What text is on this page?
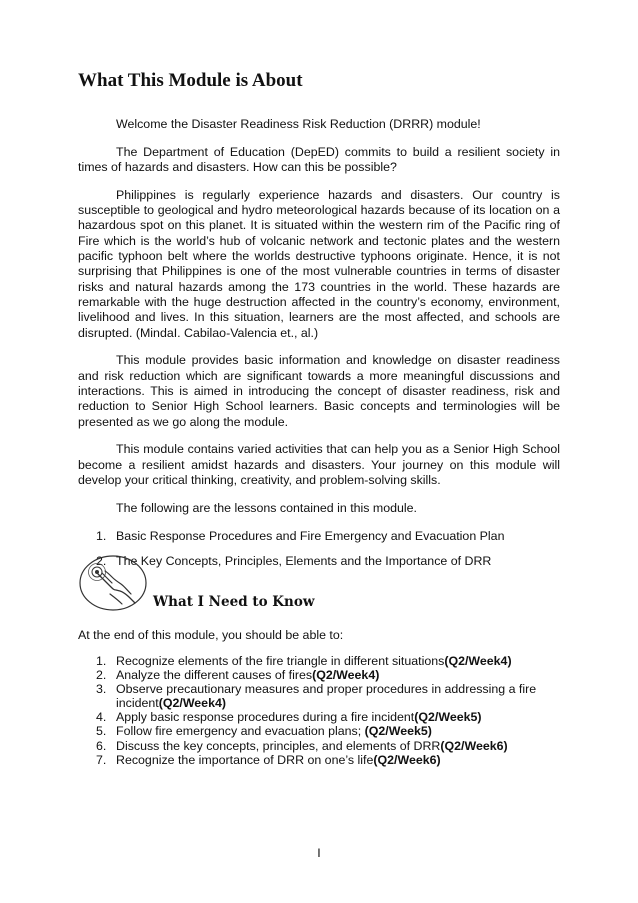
What This Module is About

Welcome the Disaster Readiness Risk Reduction (DRRR) module!

The Department of Education (DepED) commits to build a resilient society in times of hazards and disasters. How can this be possible?

Philippines is regularly experience hazards and disasters. Our country is susceptible to geological and hydro meteorological hazards because of its location on a hazardous spot on this planet. It is situated within the western rim of the Pacific ring of Fire which is the world’s hub of volcanic network and tectonic plates and the western pacific typhoon belt where the worlds destructive typhoons originate. Hence, it is not surprising that Philippines is one of the most vulnerable countries in terms of disaster risks and natural hazards among the 173 countries in the world. These hazards are remarkable with the huge destruction affected in the country’s economy, environment, livelihood and lives. In this situation, learners are the most affected, and schools are disrupted. (MindaI. Cabilao-Valencia et., al.)

This module provides basic information and knowledge on disaster readiness and risk reduction which are significant towards a more meaningful discussions and interactions. This is aimed in introducing the concept of disaster readiness, risk and reduction to Senior High School learners. Basic concepts and terminologies will be presented as we go along the module.

This module contains varied activities that can help you as a Senior High School become a resilient amidst hazards and disasters. Your journey on this module will develop your critical thinking, creativity, and problem-solving skills.

The following are the lessons contained in this module.

1. Basic Response Procedures and Fire Emergency and Evacuation Plan
2. The Key Concepts, Principles, Elements and the Importance of DRR
What I Need to Know

At the end of this module, you should be able to:

1. Recognize elements of the fire triangle in different situations(Q2/Week4)
2. Analyze the different causes of fires(Q2/Week4)
3. Observe precautionary measures and proper procedures in addressing a fire incident(Q2/Week4)
4. Apply basic response procedures during a fire incident(Q2/Week5)
5. Follow fire emergency and evacuation plans; (Q2/Week5)
6. Discuss the key concepts, principles, and elements of DRR(Q2/Week6)
7. Recognize the importance of DRR on one’s life(Q2/Week6)

I
